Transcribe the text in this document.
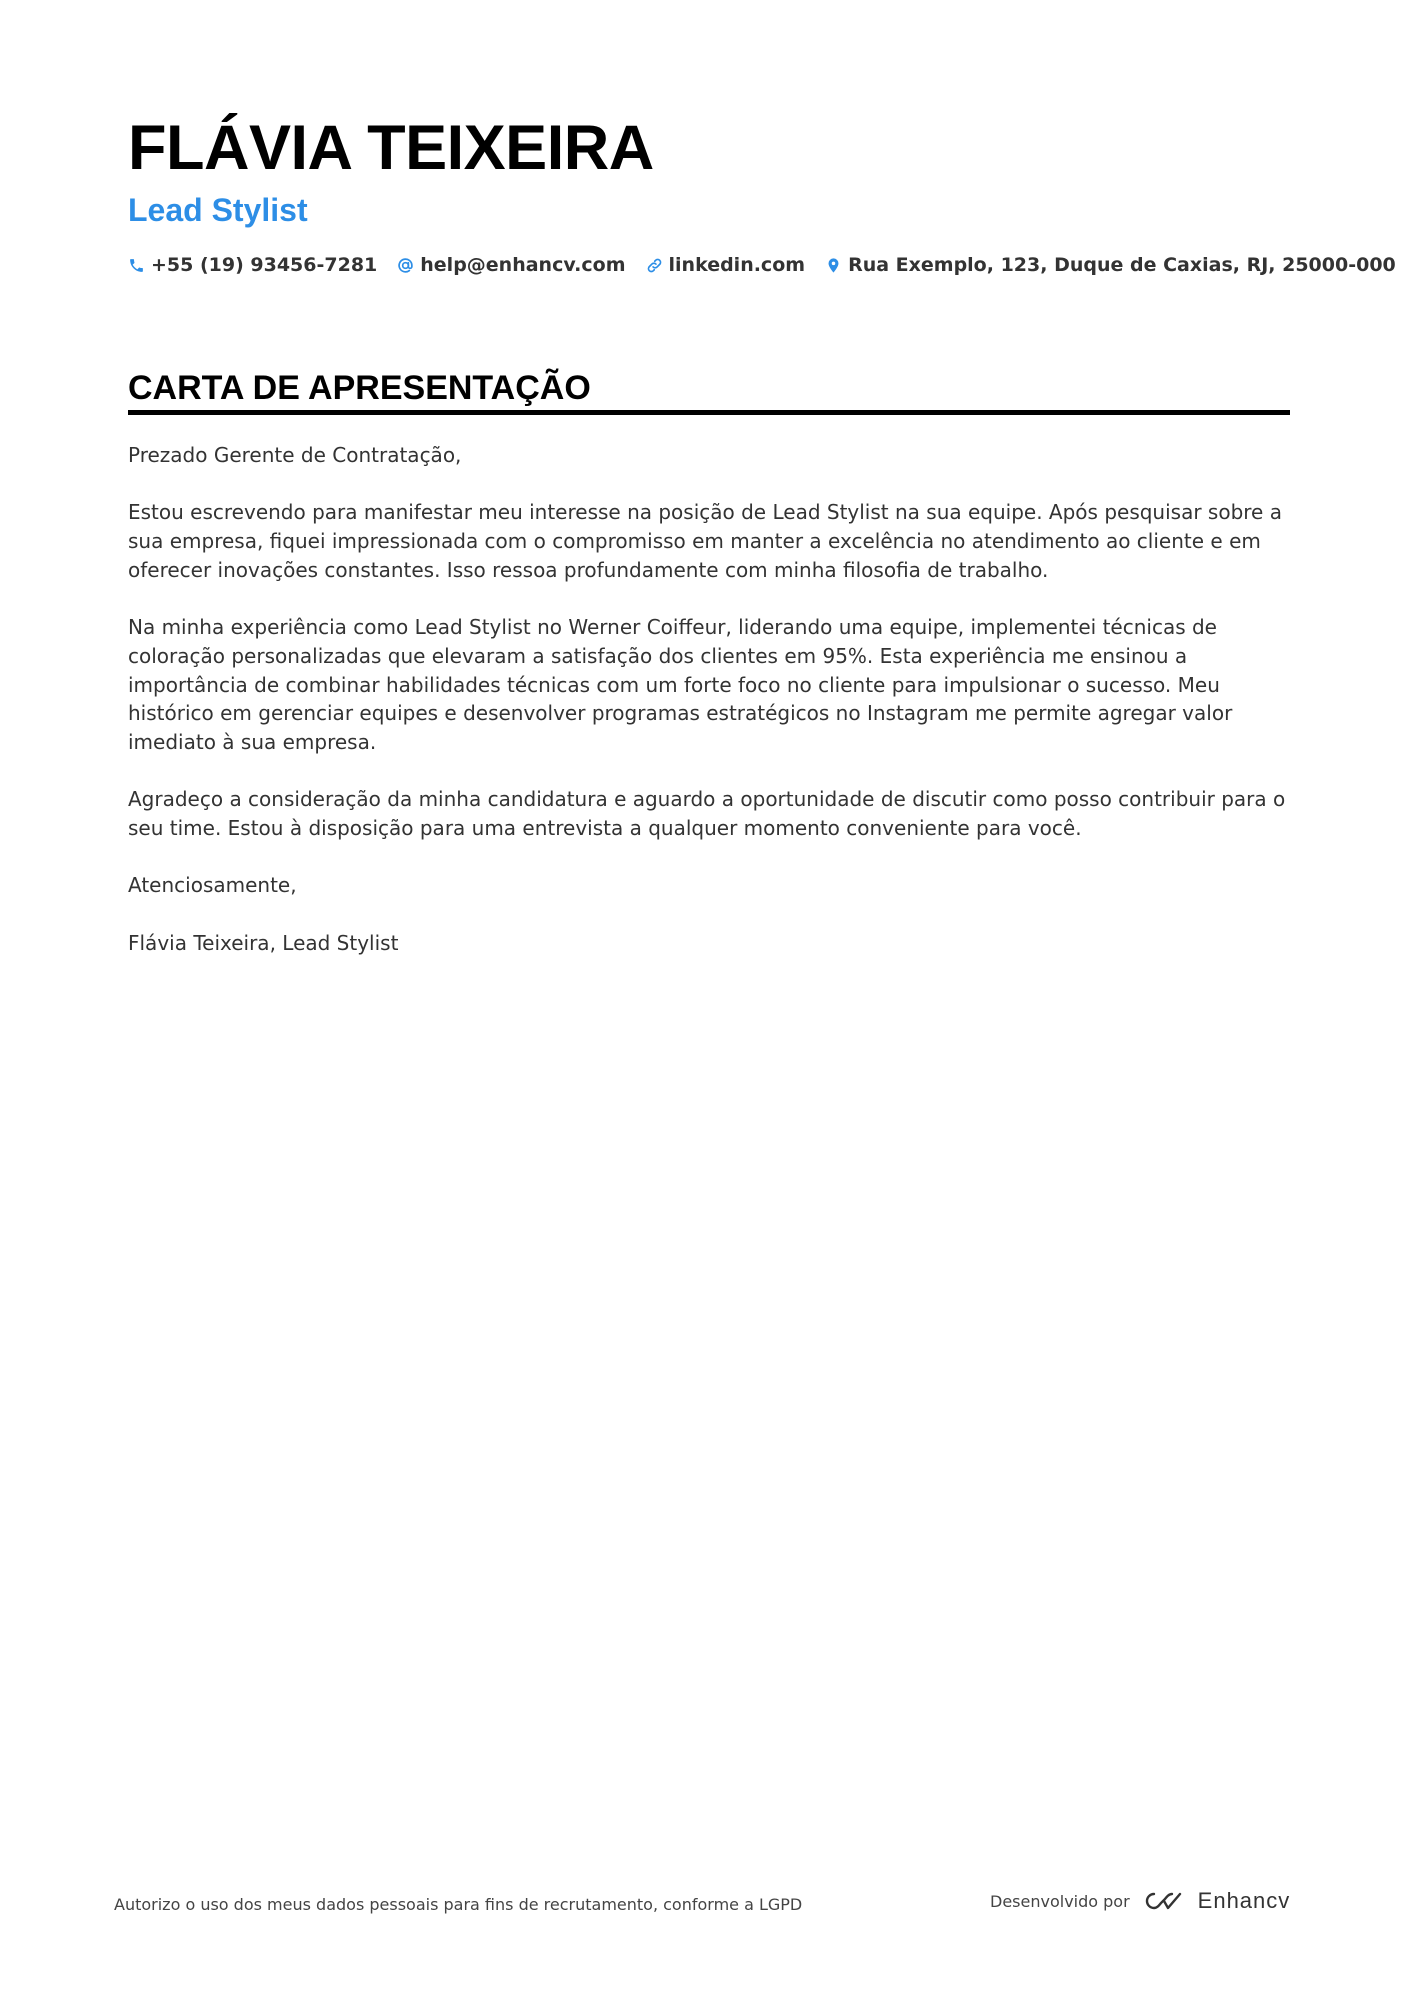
FLÁVIA TEIXEIRA
Lead Stylist
+55 (19) 93456-7281 help@enhancv.com linkedin.com Rua Exemplo, 123, Duque de Caxias, RJ, 25000-000
CARTA DE APRESENTAÇÃO

Prezado Gerente de Contratação,

Estou escrevendo para manifestar meu interesse na posição de Lead Stylist na sua equipe. Após pesquisar sobre a sua empresa, fiquei impressionada com o compromisso em manter a excelência no atendimento ao cliente e em oferecer inovações constantes. Isso ressoa profundamente com minha filosofia de trabalho.

Na minha experiência como Lead Stylist no Werner Coiffeur, liderando uma equipe, implementei técnicas de coloração personalizadas que elevaram a satisfação dos clientes em 95%. Esta experiência me ensinou a importância de combinar habilidades técnicas com um forte foco no cliente para impulsionar o sucesso. Meu histórico em gerenciar equipes e desenvolver programas estratégicos no Instagram me permite agregar valor imediato à sua empresa.

Agradeço a consideração da minha candidatura e aguardo a oportunidade de discutir como posso contribuir para o seu time. Estou à disposição para uma entrevista a qualquer momento conveniente para você.

Atenciosamente,

Flávia Teixeira, Lead Stylist

Autorizo o uso dos meus dados pessoais para fins de recrutamento, conforme a LGPD	Desenvolvido por	Enhancv
